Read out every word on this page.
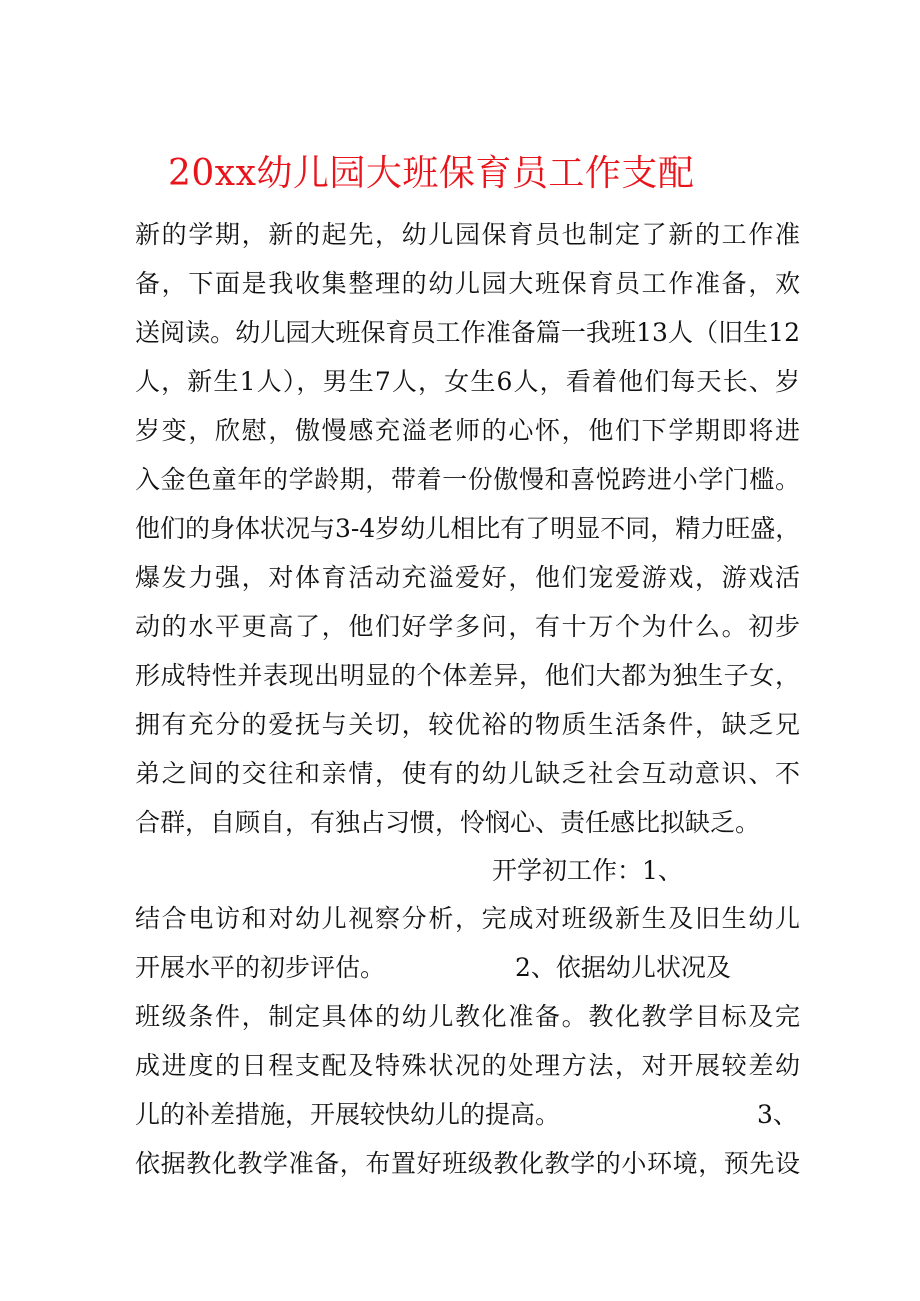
20xx幼儿园大班保育员工作支配
新的学期，新的起先，幼儿园保育员也制定了新的工作准
备，下面是我收集整理的幼儿园大班保育员工作准备，欢
送阅读。幼儿园大班保育员工作准备篇一我班13人（旧生12
人，新生1人），男生7人，女生6人，看着他们每天长、岁
岁变，欣慰，傲慢感充溢老师的心怀，他们下学期即将进
入金色童年的学龄期，带着一份傲慢和喜悦跨进小学门槛。
他们的身体状况与3-4岁幼儿相比有了明显不同，精力旺盛，
爆发力强，对体育活动充溢爱好，他们宠爱游戏，游戏活
动的水平更高了，他们好学多问，有十万个为什么。初步
形成特性并表现出明显的个体差异，他们大都为独生子女，
拥有充分的爱抚与关切，较优裕的物质生活条件，缺乏兄
弟之间的交往和亲情，使有的幼儿缺乏社会互动意识、不
合群，自顾自，有独占习惯，怜悯心、责任感比拟缺乏。
开学初工作：1、
结合电访和对幼儿视察分析，完成对班级新生及旧生幼儿
开展水平的初步评估。	2、依据幼儿状况及
班级条件，制定具体的幼儿教化准备。教化教学目标及完
成进度的日程支配及特殊状况的处理方法，对开展较差幼
儿的补差措施，开展较快幼儿的提高。	3、
依据教化教学准备，布置好班级教化教学的小环境，预先设
